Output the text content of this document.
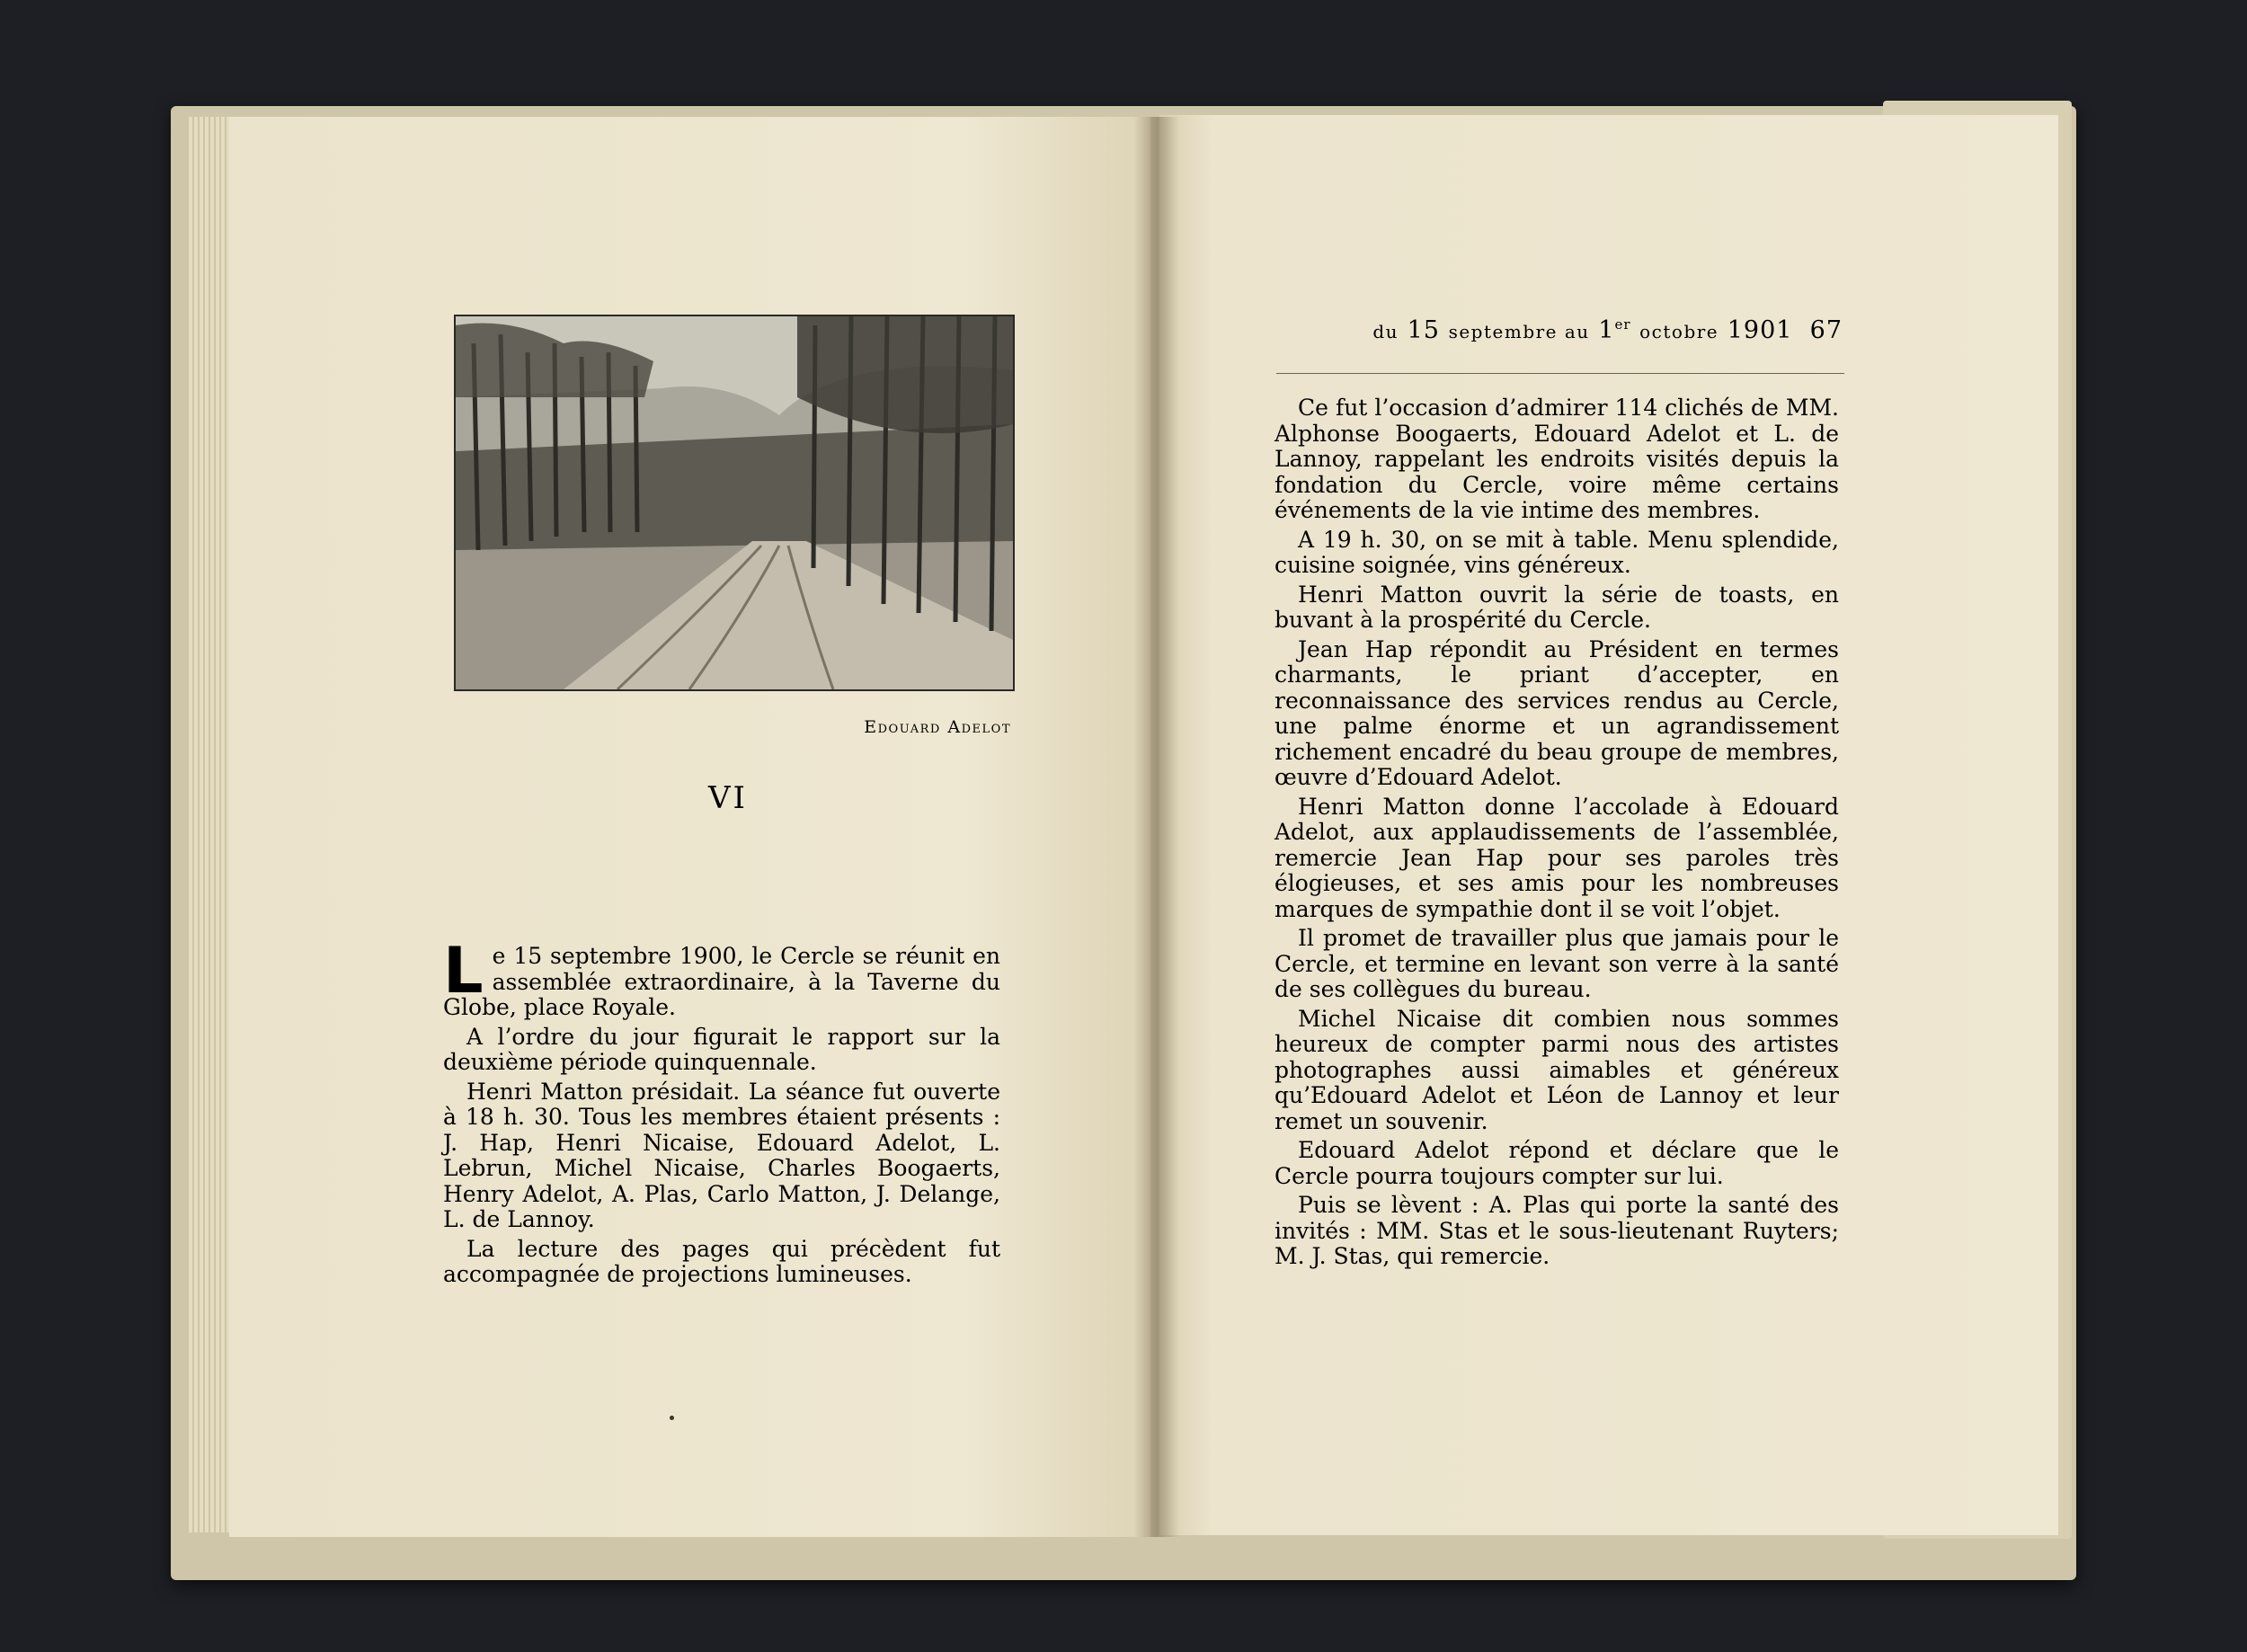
Edouard Adelot
VI

Le 15 septembre 1900, le Cercle se réunit en assemblée extraordinaire, à la Taverne du Globe, place Royale.

A l’ordre du jour figurait le rapport sur la deuxième période quinquennale.

Henri Matton présidait. La séance fut ouverte à 18 h. 30. Tous les membres étaient présents : J. Hap, Henri Nicaise, Edouard Adelot, L. Lebrun, Michel Nicaise, Charles Boogaerts, Henry Adelot, A. Plas, Carlo Matton, J. Delange, L. de Lannoy.

La lecture des pages qui précèdent fut accompagnée de projections lumineuses.

du 15 septembre au 1er octobre 1901 67

Ce fut l’occasion d’admirer 114 clichés de MM. Alphonse Boogaerts, Edouard Adelot et L. de Lannoy, rappelant les endroits visités depuis la fondation du Cercle, voire même certains événements de la vie intime des membres.

A 19 h. 30, on se mit à table. Menu splendide, cuisine soignée, vins généreux.

Henri Matton ouvrit la série de toasts, en buvant à la prospérité du Cercle.

Jean Hap répondit au Président en termes charmants, le priant d’accepter, en reconnaissance des services rendus au Cercle, une palme énorme et un agrandissement richement encadré du beau groupe de membres, œuvre d’Edouard Adelot.

Henri Matton donne l’accolade à Edouard Adelot, aux applaudissements de l’assemblée, remercie Jean Hap pour ses paroles très élogieuses, et ses amis pour les nombreuses marques de sympathie dont il se voit l’objet.

Il promet de travailler plus que jamais pour le Cercle, et termine en levant son verre à la santé de ses collègues du bureau.

Michel Nicaise dit combien nous sommes heureux de compter parmi nous des artistes photographes aussi aimables et généreux qu’Edouard Adelot et Léon de Lannoy et leur remet un souvenir.

Edouard Adelot répond et déclare que le Cercle pourra toujours compter sur lui.

Puis se lèvent : A. Plas qui porte la santé des invités : MM. Stas et le sous-lieutenant Ruyters; M. J. Stas, qui remercie.
